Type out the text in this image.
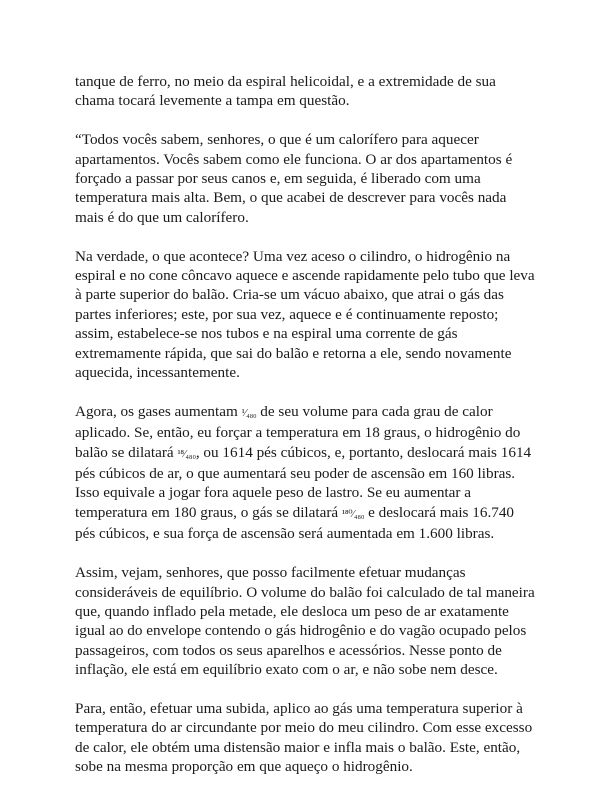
tanque de ferro, no meio da espiral helicoidal, e a extremidade de sua chama tocará levemente a tampa em questão.

“Todos vocês sabem, senhores, o que é um calorífero para aquecer apartamentos. Vocês sabem como ele funciona. O ar dos apartamentos é forçado a passar por seus canos e, em seguida, é liberado com uma temperatura mais alta. Bem, o que acabei de descrever para vocês nada mais é do que um calorífero.

Na verdade, o que acontece? Uma vez aceso o cilindro, o hidrogênio na espiral e no cone côncavo aquece e ascende rapidamente pelo tubo que leva à parte superior do balão. Cria-se um vácuo abaixo, que atrai o gás das partes inferiores; este, por sua vez, aquece e é continuamente reposto; assim, estabelece-se nos tubos e na espiral uma corrente de gás extremamente rápida, que sai do balão e retorna a ele, sendo novamente aquecida, incessantemente.

Agora, os gases aumentam ¹⁄₄₈₀ de seu volume para cada grau de calor aplicado. Se, então, eu forçar a temperatura em 18 graus, o hidrogênio do balão se dilatará ¹⁸⁄₄₈₀, ou 1614 pés cúbicos, e, portanto, deslocará mais 1614 pés cúbicos de ar, o que aumentará seu poder de ascensão em 160 libras. Isso equivale a jogar fora aquele peso de lastro. Se eu aumentar a temperatura em 180 graus, o gás se dilatará ¹⁸⁰⁄₄₈₀ e deslocará mais 16.740 pés cúbicos, e sua força de ascensão será aumentada em 1.600 libras.

Assim, vejam, senhores, que posso facilmente efetuar mudanças consideráveis de equilíbrio. O volume do balão foi calculado de tal maneira que, quando inflado pela metade, ele desloca um peso de ar exatamente igual ao do envelope contendo o gás hidrogênio e do vagão ocupado pelos passageiros, com todos os seus aparelhos e acessórios. Nesse ponto de inflação, ele está em equilíbrio exato com o ar, e não sobe nem desce.

Para, então, efetuar uma subida, aplico ao gás uma temperatura superior à temperatura do ar circundante por meio do meu cilindro. Com esse excesso de calor, ele obtém uma distensão maior e infla mais o balão. Este, então, sobe na mesma proporção em que aqueço o hidrogênio.
